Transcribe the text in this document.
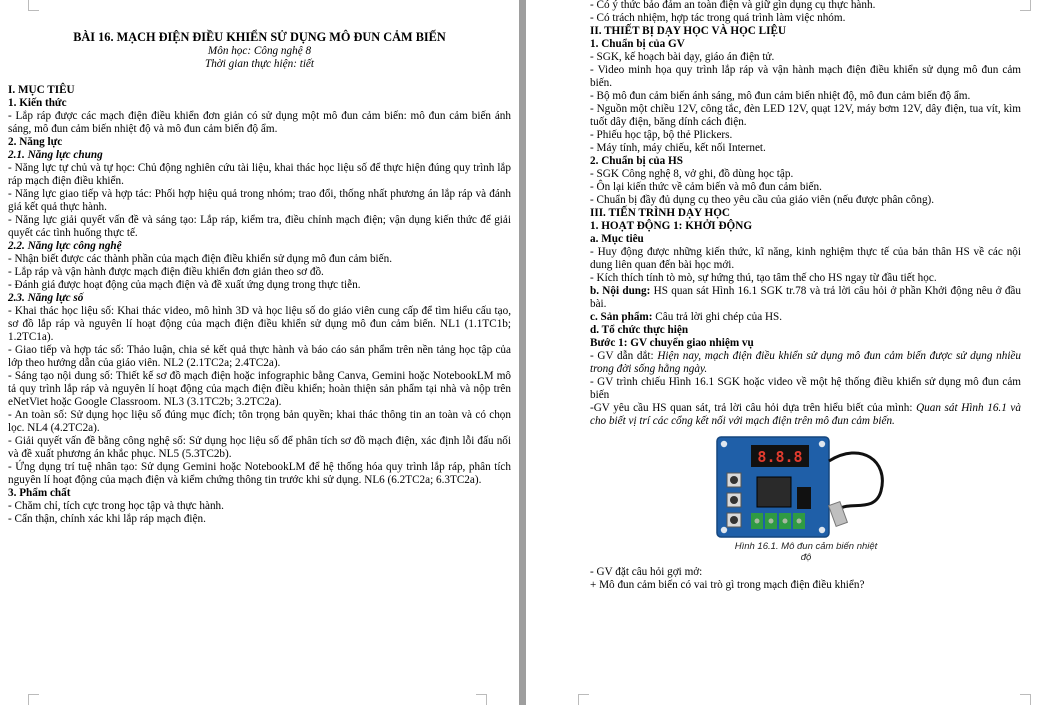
BÀI 16. MẠCH ĐIỆN ĐIỀU KHIỂN SỬ DỤNG MÔ ĐUN CẢM BIẾN
Môn học: Công nghệ 8
Thời gian thực hiện: tiết
I. MỤC TIÊU
1. Kiến thức
- Lắp ráp được các mạch điện điều khiển đơn giản có sử dụng một mô đun cảm biến: mô đun cảm biến ánh sáng, mô đun cảm biến nhiệt độ và mô đun cảm biến độ ẩm.
2. Năng lực
2.1. Năng lực chung
- Năng lực tự chủ và tự học: Chủ động nghiên cứu tài liệu, khai thác học liệu số để thực hiện đúng quy trình lắp ráp mạch điện điều khiển.
- Năng lực giao tiếp và hợp tác: Phối hợp hiệu quả trong nhóm; trao đổi, thống nhất phương án lắp ráp và đánh giá kết quả thực hành.
- Năng lực giải quyết vấn đề và sáng tạo: Lắp ráp, kiểm tra, điều chỉnh mạch điện; vận dụng kiến thức để giải quyết các tình huống thực tế.
2.2. Năng lực công nghệ
- Nhận biết được các thành phần của mạch điện điều khiển sử dụng mô đun cảm biến.
- Lắp ráp và vận hành được mạch điện điều khiển đơn giản theo sơ đồ.
- Đánh giá được hoạt động của mạch điện và đề xuất ứng dụng trong thực tiễn.
2.3. Năng lực số
- Khai thác học liệu số: Khai thác video, mô hình 3D và học liệu số do giáo viên cung cấp để tìm hiểu cấu tạo, sơ đồ lắp ráp và nguyên lí hoạt động của mạch điện điều khiển sử dụng mô đun cảm biến. NL1 (1.1TC1b; 1.2TC1a).
- Giao tiếp và hợp tác số: Thảo luận, chia sẻ kết quả thực hành và báo cáo sản phẩm trên nền tảng học tập của lớp theo hướng dẫn của giáo viên. NL2 (2.1TC2a; 2.4TC2a).
- Sáng tạo nội dung số: Thiết kế sơ đồ mạch điện hoặc infographic bằng Canva, Gemini hoặc NotebookLM mô tả quy trình lắp ráp và nguyên lí hoạt động của mạch điện điều khiển; hoàn thiện sản phẩm tại nhà và nộp trên eNetViet hoặc Google Classroom. NL3 (3.1TC2b; 3.2TC2a).
- An toàn số: Sử dụng học liệu số đúng mục đích; tôn trọng bản quyền; khai thác thông tin an toàn và có chọn lọc. NL4 (4.2TC2a).
- Giải quyết vấn đề bằng công nghệ số: Sử dụng học liệu số để phân tích sơ đồ mạch điện, xác định lỗi đấu nối và đề xuất phương án khắc phục. NL5 (5.3TC2b).
- Ứng dụng trí tuệ nhân tạo: Sử dụng Gemini hoặc NotebookLM để hệ thống hóa quy trình lắp ráp, phân tích nguyên lí hoạt động của mạch điện và kiểm chứng thông tin trước khi sử dụng. NL6 (6.2TC2a; 6.3TC2a).
3. Phẩm chất
- Chăm chỉ, tích cực trong học tập và thực hành.
- Cẩn thận, chính xác khi lắp ráp mạch điện.
- Có ý thức bảo đảm an toàn điện và giữ gìn dụng cụ thực hành.
- Có trách nhiệm, hợp tác trong quá trình làm việc nhóm.
II. THIẾT BỊ DẠY HỌC VÀ HỌC LIỆU
1. Chuẩn bị của GV
- SGK, kế hoạch bài dạy, giáo án điện tử.
- Video minh họa quy trình lắp ráp và vận hành mạch điện điều khiển sử dụng mô đun cảm biến.
- Bộ mô đun cảm biến ánh sáng, mô đun cảm biến nhiệt độ, mô đun cảm biến độ ẩm.
- Nguồn một chiều 12V, công tắc, đèn LED 12V, quạt 12V, máy bơm 12V, dây điện, tua vít, kìm tuốt dây điện, băng dính cách điện.
- Phiếu học tập, bộ thẻ Plickers.
- Máy tính, máy chiếu, kết nối Internet.
2. Chuẩn bị của HS
- SGK Công nghệ 8, vở ghi, đồ dùng học tập.
- Ôn lại kiến thức về cảm biến và mô đun cảm biến.
- Chuẩn bị đầy đủ dụng cụ theo yêu cầu của giáo viên (nếu được phân công).
III. TIẾN TRÌNH DẠY HỌC
1. HOẠT ĐỘNG 1: KHỞI ĐỘNG
a. Mục tiêu
- Huy động được những kiến thức, kĩ năng, kinh nghiệm thực tế của bản thân HS về các nội dung liên quan đến bài học mới.
- Kích thích tính tò mò, sự hứng thú, tạo tâm thế cho HS ngay từ đầu tiết học.
b. Nội dung: HS quan sát Hình 16.1 SGK tr.78 và trả lời câu hỏi ở phần Khởi động nêu ở đầu bài.
c. Sản phẩm: Câu trả lời ghi chép của HS.
d. Tổ chức thực hiện
Bước 1: GV chuyển giao nhiệm vụ
- GV dẫn dắt: Hiện nay, mạch điện điều khiển sử dụng mô đun cảm biến được sử dụng nhiều trong đời sống hằng ngày.
- GV trình chiếu Hình 16.1 SGK hoặc video về một hệ thống điều khiển sử dụng mô đun cảm biến
-GV yêu cầu HS quan sát, trả lời câu hỏi dựa trên hiểu biết của mình: Quan sát Hình 16.1 và cho biết vị trí các cổng kết nối với mạch điện trên mô đun cảm biến.
8.8.8
Hình 16.1. Mô đun cảm biến nhiệt độ
- GV đặt câu hỏi gợi mở:
+ Mô đun cảm biến có vai trò gì trong mạch điện điều khiển?
